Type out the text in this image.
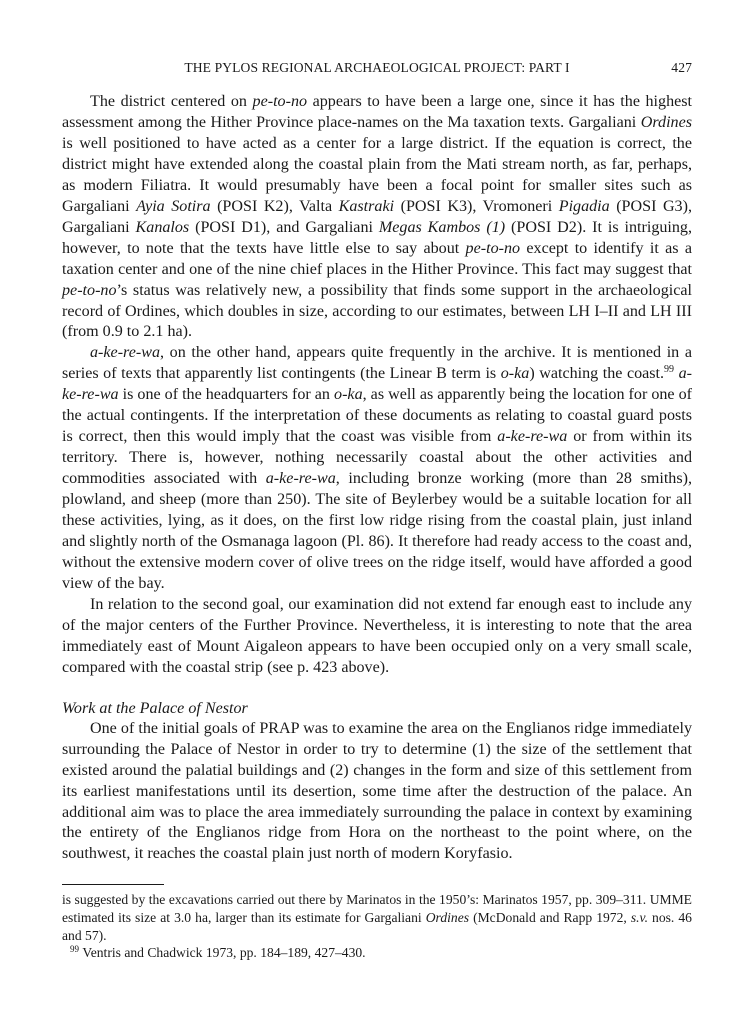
THE PYLOS REGIONAL ARCHAEOLOGICAL PROJECT: PART I	427

The district centered on pe-to-no appears to have been a large one, since it has the highest assessment among the Hither Province place-names on the Ma taxation texts. Gargaliani Ordines is well positioned to have acted as a center for a large district. If the equation is correct, the district might have extended along the coastal plain from the Mati stream north, as far, perhaps, as modern Filiatra. It would presumably have been a focal point for smaller sites such as Gargaliani Ayia Sotira (POSI K2), Valta Kastraki (POSI K3), Vromoneri Pigadia (POSI G3), Gargaliani Kanalos (POSI D1), and Gargaliani Megas Kambos (1) (POSI D2). It is intriguing, however, to note that the texts have little else to say about pe-to-no except to identify it as a taxation center and one of the nine chief places in the Hither Province. This fact may suggest that pe-to-no’s status was relatively new, a possibility that finds some support in the archaeological record of Ordines, which doubles in size, according to our estimates, between LH I–II and LH III (from 0.9 to 2.1 ha).

a-ke-re-wa, on the other hand, appears quite frequently in the archive. It is mentioned in a series of texts that apparently list contingents (the Linear B term is o-ka) watching the coast.$^{99}$ a-ke-re-wa is one of the headquarters for an o-ka, as well as apparently being the location for one of the actual contingents. If the interpretation of these documents as relating to coastal guard posts is correct, then this would imply that the coast was visible from a-ke-re-wa or from within its territory. There is, however, nothing necessarily coastal about the other activities and commodities associated with a-ke-re-wa, including bronze working (more than 28 smiths), plowland, and sheep (more than 250). The site of Beylerbey would be a suitable location for all these activities, lying, as it does, on the first low ridge rising from the coastal plain, just inland and slightly north of the Osmanaga lagoon (Pl. 86). It therefore had ready access to the coast and, without the extensive modern cover of olive trees on the ridge itself, would have afforded a good view of the bay.

In relation to the second goal, our examination did not extend far enough east to include any of the major centers of the Further Province. Nevertheless, it is interesting to note that the area immediately east of Mount Aigaleon appears to have been occupied only on a very small scale, compared with the coastal strip (see p. 423 above).

Work at the Palace of Nestor

One of the initial goals of PRAP was to examine the area on the Englianos ridge immediately surrounding the Palace of Nestor in order to try to determine (1) the size of the settlement that existed around the palatial buildings and (2) changes in the form and size of this settlement from its earliest manifestations until its desertion, some time after the destruction of the palace. An additional aim was to place the area immediately surrounding the palace in context by examining the entirety of the Englianos ridge from Hora on the northeast to the point where, on the southwest, it reaches the coastal plain just north of modern Koryfasio.

is suggested by the excavations carried out there by Marinatos in the 1950’s: Marinatos 1957, pp. 309–311. UMME estimated its size at 3.0 ha, larger than its estimate for Gargaliani Ordines (McDonald and Rapp 1972, s.v. nos. 46 and 57).

$^{99}$ Ventris and Chadwick 1973, pp. 184–189, 427–430.
